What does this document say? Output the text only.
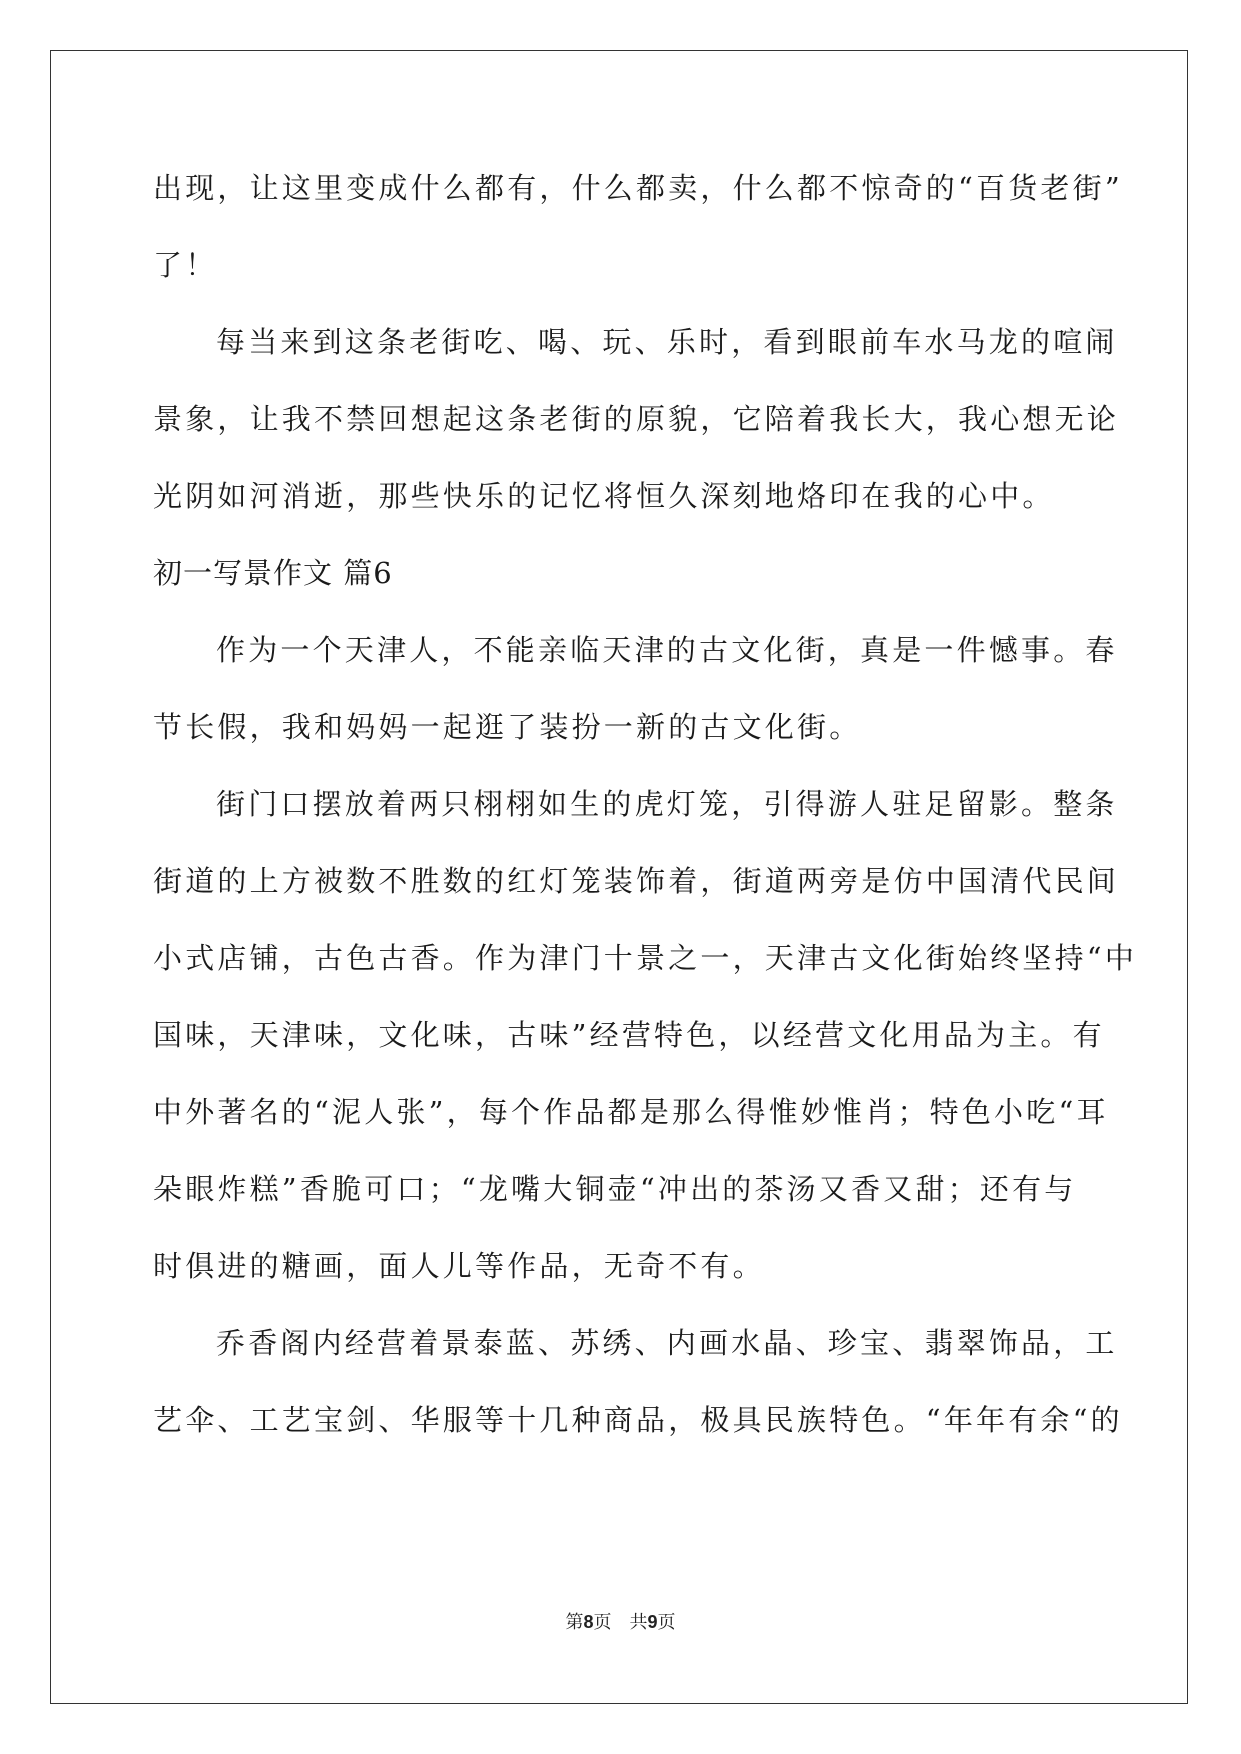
出现，让这里变成什么都有，什么都卖，什么都不惊奇的“百货老街”
了！
每当来到这条老街吃、喝、玩、乐时，看到眼前车水马龙的喧闹
景象，让我不禁回想起这条老街的原貌，它陪着我长大，我心想无论
光阴如河消逝，那些快乐的记忆将恒久深刻地烙印在我的心中。
初一写景作文 篇6
作为一个天津人，不能亲临天津的古文化街，真是一件憾事。春
节长假，我和妈妈一起逛了装扮一新的古文化街。
街门口摆放着两只栩栩如生的虎灯笼，引得游人驻足留影。整条
街道的上方被数不胜数的红灯笼装饰着，街道两旁是仿中国清代民间
小式店铺，古色古香。作为津门十景之一，天津古文化街始终坚持“中
国味，天津味，文化味，古味”经营特色，以经营文化用品为主。有
中外著名的“泥人张”，每个作品都是那么得惟妙惟肖；特色小吃“耳
朵眼炸糕”香脆可口；“龙嘴大铜壶“冲出的茶汤又香又甜；还有与
时俱进的糖画，面人儿等作品，无奇不有。
乔香阁内经营着景泰蓝、苏绣、内画水晶、珍宝、翡翠饰品，工
艺伞、工艺宝剑、华服等十几种商品，极具民族特色。“年年有余“的
第8页 共9页
